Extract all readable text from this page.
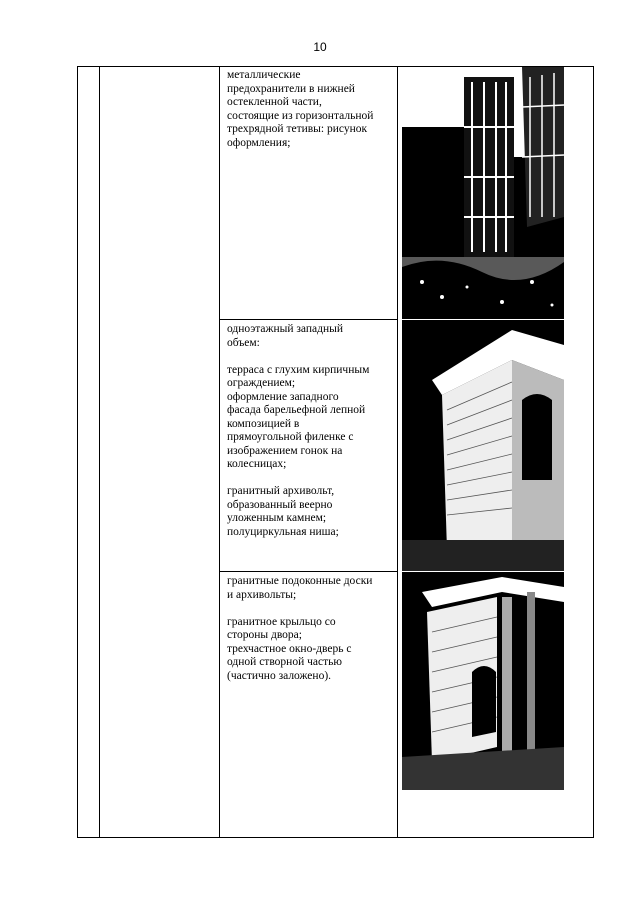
10
металлические
предохранители в нижней
остекленной части,
состоящие из горизонтальной
трехрядной тетивы: рисунок
оформления;
одноэтажный западный
объем:

терраса с глухим кирпичным
ограждением;
оформление западного
фасада барельефной лепной
композицией в
прямоугольной филенке с
изображением гонок на
колесницах;

гранитный архивольт,
образованный веерно
уложенным камнем;
полуциркульная ниша;
гранитные подоконные доски
и архивольты;

гранитное крыльцо со
стороны двора;
трехчастное окно-дверь с
одной створной частью
(частично заложено).
